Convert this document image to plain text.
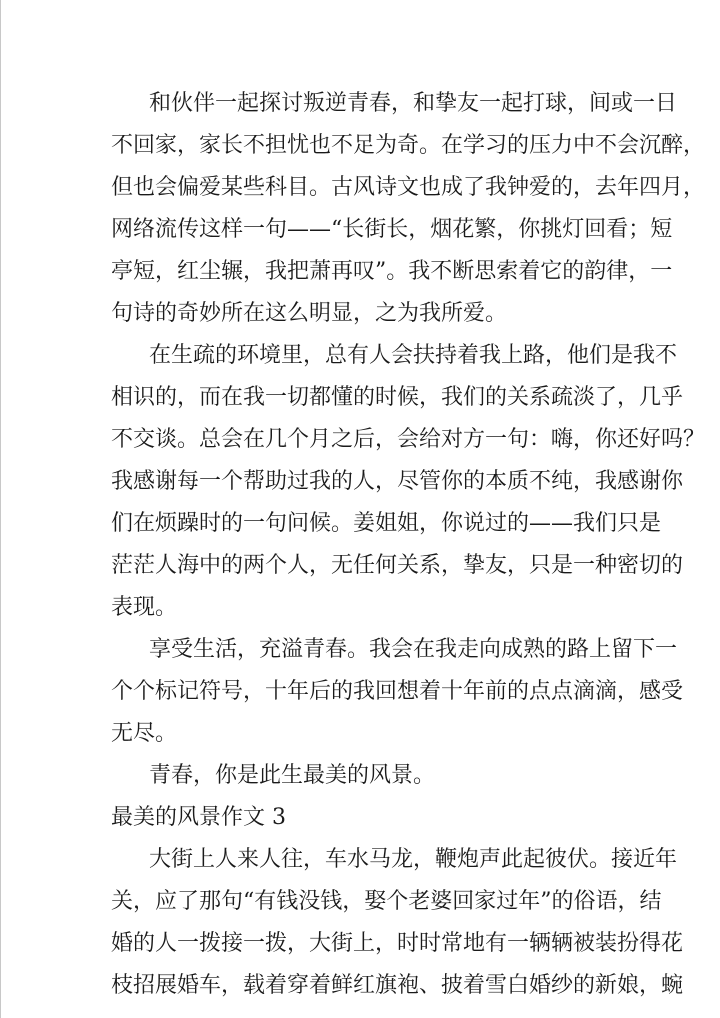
和伙伴一起探讨叛逆青春，和挚友一起打球，间或一日
不回家，家长不担忧也不足为奇。在学习的压力中不会沉醉，
但也会偏爱某些科目。古风诗文也成了我钟爱的，去年四月，
网络流传这样一句——“长街长，烟花繁，你挑灯回看；短
亭短，红尘辗，我把萧再叹”。我不断思索着它的韵律，一
句诗的奇妙所在这么明显，之为我所爱。
在生疏的环境里，总有人会扶持着我上路，他们是我不
相识的，而在我一切都懂的时候，我们的关系疏淡了，几乎
不交谈。总会在几个月之后，会给对方一句：嗨，你还好吗？
我感谢每一个帮助过我的人，尽管你的本质不纯，我感谢你
们在烦躁时的一句问候。姜姐姐，你说过的——我们只是
茫茫人海中的两个人，无任何关系，挚友，只是一种密切的
表现。
享受生活，充溢青春。我会在我走向成熟的路上留下一
个个标记符号，十年后的我回想着十年前的点点滴滴，感受
无尽。
青春，你是此生最美的风景。
最美的风景作文 3
大街上人来人往，车水马龙，鞭炮声此起彼伏。接近年
关，应了那句“有钱没钱，娶个老婆回家过年”的俗语，结
婚的人一拨接一拨，大街上，时时常地有一辆辆被装扮得花
枝招展婚车，载着穿着鲜红旗袍、披着雪白婚纱的新娘，蜿
